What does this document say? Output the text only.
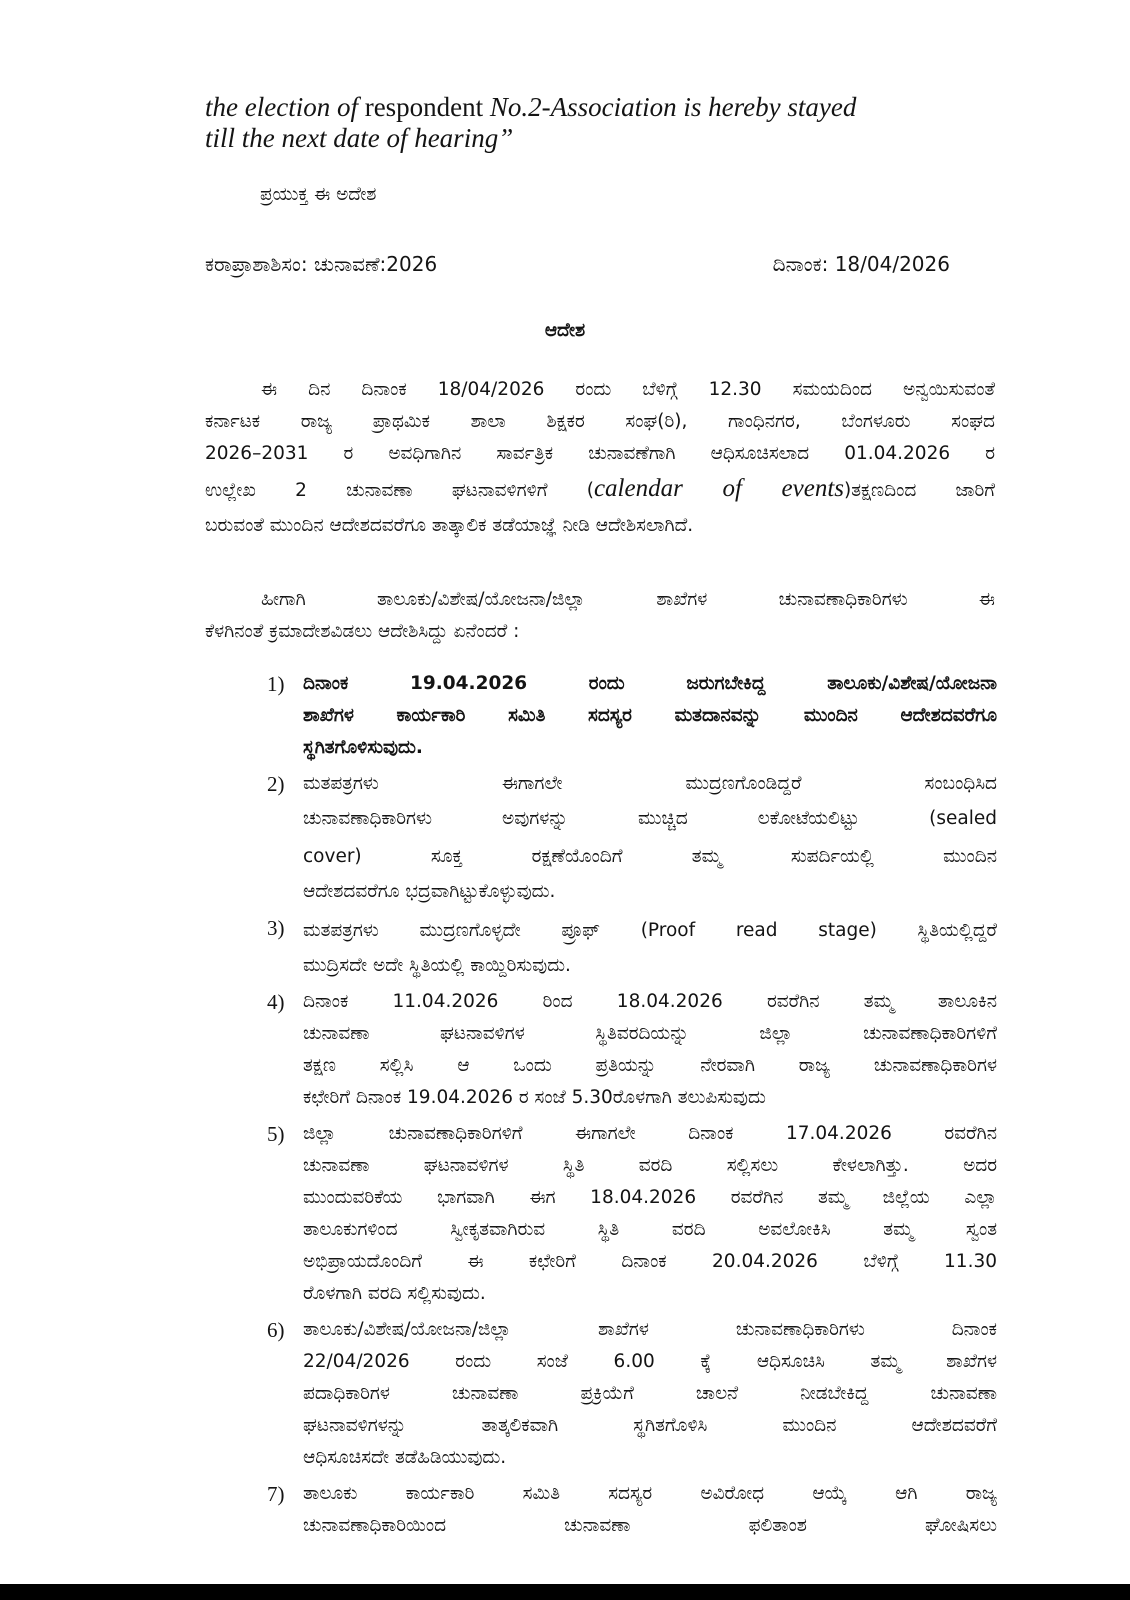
the election of respondent No.2-Association is hereby stayed
till the next date of hearing”
ಪ್ರಯುಕ್ತ ಈ ಅದೇಶ
ಕರಾಪ್ರಾಶಾಶಿಸಂ: ಚುನಾವಣೆ:2026	ದಿನಾಂಕ: 18/04/2026
ಆದೇಶ
ಈ ದಿನ ದಿನಾಂಕ 18/04/2026 ರಂದು ಬೆಳಿಗ್ಗೆ 12.30 ಸಮಯದಿಂದ ಅನ್ವಯಿಸುವಂತೆ
ಕರ್ನಾಟಕ ರಾಜ್ಯ ಪ್ರಾಥಮಿಕ ಶಾಲಾ ಶಿಕ್ಷಕರ ಸಂಘ(ರಿ), ಗಾಂಧಿನಗರ, ಬೆಂಗಳೂರು ಸಂಘದ
2026–2031 ರ ಅವಧಿಗಾಗಿನ ಸಾರ್ವತ್ರಿಕ ಚುನಾವಣೆಗಾಗಿ ಆಧಿಸೂಚಿಸಲಾದ 01.04.2026 ರ
ಉಲ್ಲೇಖ 2 ಚುನಾವಣಾ ಘಟನಾವಳಿಗಳಿಗೆ (calendar of events)ತಕ್ಷಣದಿಂದ ಜಾರಿಗೆ
ಬರುವಂತೆ ಮುಂದಿನ ಆದೇಶದವರೆಗೂ ತಾತ್ಕಾಲಿಕ ತಡೆಯಾಜ್ಞೆ ನೀಡಿ ಆದೇಶಿಸಲಾಗಿದೆ.
ಹೀಗಾಗಿ ತಾಲೂಕು/ವಿಶೇಷ/ಯೋಜನಾ/ಜಿಲ್ಲಾ ಶಾಖೆಗಳ ಚುನಾವಣಾಧಿಕಾರಿಗಳು ಈ
ಕೆಳಗಿನಂತೆ ಕ್ರಮಾದೇಶವಿಡಲು ಆದೇಶಿಸಿದ್ದು ಏನೆಂದರೆ :
1) ದಿನಾಂಕ 19.04.2026 ರಂದು ಜರುಗಬೇಕಿದ್ದ ತಾಲೂಕು/ವಿಶೇಷ/ಯೋಜನಾ
ಶಾಖೆಗಳ ಕಾರ್ಯಕಾರಿ ಸಮಿತಿ ಸದಸ್ಯರ ಮತದಾನವನ್ನು ಮುಂದಿನ ಆದೇಶದವರೆಗೂ
ಸ್ಥಗಿತಗೊಳಿಸುವುದು.
2) ಮತಪತ್ರಗಳು ಈಗಾಗಲೇ ಮುದ್ರಣಗೊಂಡಿದ್ದರೆ ಸಂಬಂಧಿಸಿದ
ಚುನಾವಣಾಧಿಕಾರಿಗಳು ಅವುಗಳನ್ನು ಮುಚ್ಚಿದ ಲಕೋಟೆಯಲಿಟ್ಟು (sealed
cover) ಸೂಕ್ತ ರಕ್ಷಣೆಯೊಂದಿಗೆ ತಮ್ಮ ಸುಪರ್ದಿಯಲ್ಲಿ ಮುಂದಿನ
ಆದೇಶದವರೆಗೂ ಭದ್ರವಾಗಿಟ್ಟುಕೊಳ್ಳುವುದು.
3) ಮತಪತ್ರಗಳು ಮುದ್ರಣಗೊಳ್ಳದೇ ಪ್ರೂಫ್ (Proof read stage) ಸ್ಥಿತಿಯಲ್ಲಿದ್ದರೆ
ಮುದ್ರಿಸದೇ ಅದೇ ಸ್ಥಿತಿಯಲ್ಲಿ ಕಾಯ್ದಿರಿಸುವುದು.
4) ದಿನಾಂಕ 11.04.2026 ರಿಂದ 18.04.2026 ರವರೆಗಿನ ತಮ್ಮ ತಾಲೂಕಿನ
ಚುನಾವಣಾ ಘಟನಾವಳಿಗಳ ಸ್ಥಿತಿವರದಿಯನ್ನು ಜಿಲ್ಲಾ ಚುನಾವಣಾಧಿಕಾರಿಗಳಿಗೆ
ತಕ್ಷಣ ಸಲ್ಲಿಸಿ ಆ ಒಂದು ಪ್ರತಿಯನ್ನು ನೇರವಾಗಿ ರಾಜ್ಯ ಚುನಾವಣಾಧಿಕಾರಿಗಳ
ಕಛೇರಿಗೆ ದಿನಾಂಕ 19.04.2026 ರ ಸಂಜೆ 5.30ರೊಳಗಾಗಿ ತಲುಪಿಸುವುದು
5) ಜಿಲ್ಲಾ ಚುನಾವಣಾಧಿಕಾರಿಗಳಿಗೆ ಈಗಾಗಲೇ ದಿನಾಂಕ 17.04.2026 ರವರೆಗಿನ
ಚುನಾವಣಾ ಘಟನಾವಳಿಗಳ ಸ್ಥಿತಿ ವರದಿ ಸಲ್ಲಿಸಲು ಕೇಳಲಾಗಿತ್ತು. ಅದರ
ಮುಂದುವರಿಕೆಯ ಭಾಗವಾಗಿ ಈಗ 18.04.2026 ರವರೆಗಿನ ತಮ್ಮ ಜಿಲ್ಲೆಯ ಎಲ್ಲಾ
ತಾಲೂಕುಗಳಿಂದ ಸ್ವೀಕೃತವಾಗಿರುವ ಸ್ಥಿತಿ ವರದಿ ಅವಲೋಕಿಸಿ ತಮ್ಮ ಸ್ವಂತ
ಅಭಿಪ್ರಾಯದೊಂದಿಗೆ ಈ ಕಛೇರಿಗೆ ದಿನಾಂಕ 20.04.2026 ಬೆಳಿಗ್ಗೆ 11.30
ರೊಳಗಾಗಿ ವರದಿ ಸಲ್ಲಿಸುವುದು.
6) ತಾಲೂಕು/ವಿಶೇಷ/ಯೋಜನಾ/ಜಿಲ್ಲಾ ಶಾಖೆಗಳ ಚುನಾವಣಾಧಿಕಾರಿಗಳು ದಿನಾಂಕ
22/04/2026 ರಂದು ಸಂಜೆ 6.00 ಕ್ಕೆ ಆಧಿಸೂಚಿಸಿ ತಮ್ಮ ಶಾಖೆಗಳ
ಪದಾಧಿಕಾರಿಗಳ ಚುನಾವಣಾ ಪ್ರಕ್ರಿಯೆಗೆ ಚಾಲನೆ ನೀಡಬೇಕಿದ್ದ ಚುನಾವಣಾ
ಘಟನಾವಳಿಗಳನ್ನು ತಾತ್ಕಲಿಕವಾಗಿ ಸ್ಥಗಿತಗೊಳಿಸಿ ಮುಂದಿನ ಆದೇಶದವರೆಗೆ
ಆಧಿಸೂಚಿಸದೇ ತಡೆಹಿಡಿಯುವುದು.
7) ತಾಲೂಕು ಕಾರ್ಯಕಾರಿ ಸಮಿತಿ ಸದಸ್ಯರ ಅವಿರೋಧ ಆಯ್ಕೆ ಆಗಿ ರಾಜ್ಯ
ಚುನಾವಣಾಧಿಕಾರಿಯಿಂದ ಚುನಾವಣಾ ಫಲಿತಾಂಶ ಘೋಷಿಸಲು
